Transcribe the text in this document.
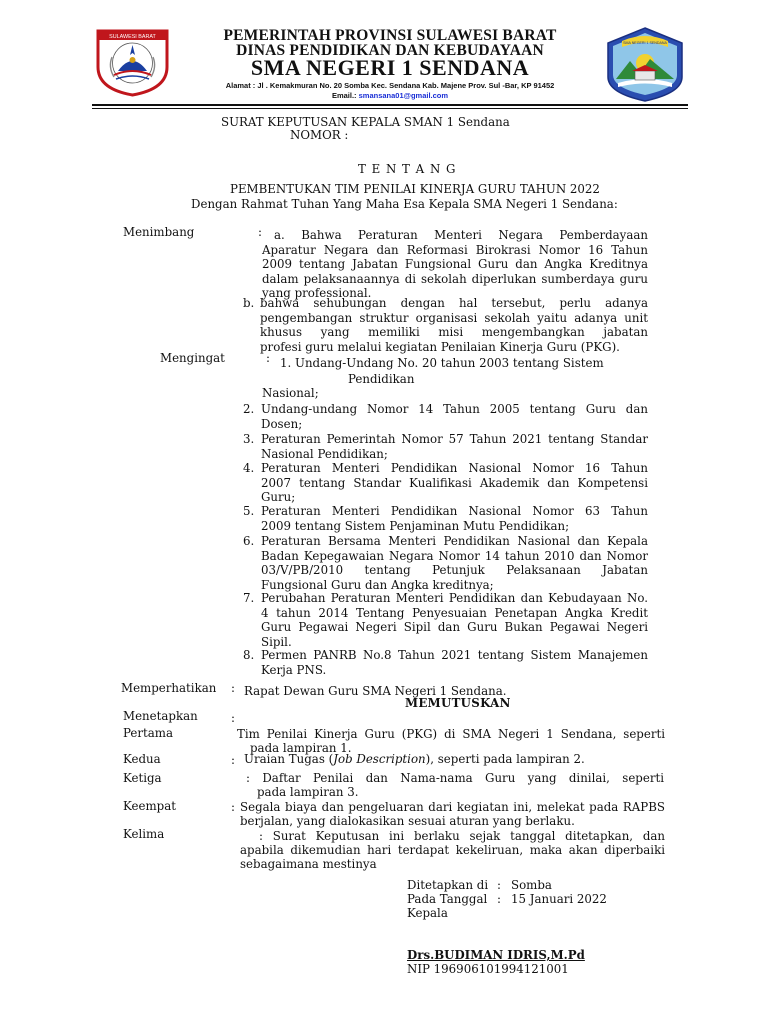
SULAWESI BARAT
SMA NEGERI 1 SENDANA
PEMERINTAH PROVINSI SULAWESI BARAT
DINAS PENDIDIKAN DAN KEBUDAYAAN
SMA NEGERI 1 SENDANA
Alamat : Jl . Kemakmuran No. 20 Somba Kec. Sendana Kab. Majene Prov. Sul -Bar, KP 91452
Email.: smansana01@gmail.com
SURAT KEPUTUSAN KEPALA SMAN 1 Sendana
NOMOR :
T E N T A N G
PEMBENTUKAN TIM PENILAI KINERJA GURU TAHUN 2022
Dengan Rahmat Tuhan Yang Maha Esa Kepala SMA Negeri 1 Sendana:
Menimbang	:	a. Bahwa Peraturan Menteri Negara Pemberdayaan

Aparatur Negara dan Reformasi Birokrasi Nomor 16 Tahun

2009 tentang Jabatan Fungsional Guru dan Angka Kreditnya

dalam pelaksanaannya di sekolah diperlukan sumberdaya guru

yang professional.

b. bahwa sehubungan dengan hal tersebut, perlu adanya

pengembangan struktur organisasi sekolah yaitu adanya unit

khusus yang memiliki misi mengembangkan jabatan

profesi guru melalui kegiatan Penilaian Kinerja Guru (PKG).

Mengingat	: 1. Undang-Undang No. 20 tahun 2003 tentang Sistem
Pendidikan
Nasional;
2. Undang-undang Nomor 14 Tahun 2005 tentang Guru dan

Dosen;

3. Peraturan Pemerintah Nomor 57 Tahun 2021 tentang Standar

Nasional Pendidikan;

4. Peraturan Menteri Pendidikan Nasional Nomor 16 Tahun

2007 tentang Standar Kualifikasi Akademik dan Kompetensi

Guru;

5. Peraturan Menteri Pendidikan Nasional Nomor 63 Tahun

2009 tentang Sistem Penjaminan Mutu Pendidikan;

6. Peraturan Bersama Menteri Pendidikan Nasional dan Kepala

Badan Kepegawaian Negara Nomor 14 tahun 2010 dan Nomor

03/V/PB/2010 tentang Petunjuk Pelaksanaan Jabatan

Fungsional Guru dan Angka kreditnya;

7. Perubahan Peraturan Menteri Pendidikan dan Kebudayaan No.

4 tahun 2014 Tentang Penyesuaian Penetapan Angka Kredit

Guru Pegawai Negeri Sipil dan Guru Bukan Pegawai Negeri

Sipil.

8. Permen PANRB No.8 Tahun 2021 tentang Sistem Manajemen

Kerja PNS.

Memperhatikan : Rapat Dewan Guru SMA Negeri 1 Sendana.
MEMUTUSKAN
Menetapkan	:
Pertama	Tim Penilai Kinerja Guru (PKG) di SMA Negeri 1 Sendana, seperti
pada lampiran 1.
Kedua	: Uraian Tugas (Job Description), seperti pada lampiran 2.
Ketiga	: Daftar Penilai dan Nama-nama Guru yang dinilai, seperti
pada lampiran 3.
Keempat	: Segala biaya dan pengeluaran dari kegiatan ini, melekat pada RAPBS
berjalan, yang dialokasikan sesuai aturan yang berlaku.
Kelima	: Surat Keputusan ini berlaku sejak tanggal ditetapkan, dan
apabila dikemudian hari terdapat kekeliruan, maka akan diperbaiki
sebagaimana mestinya
Ditetapkan di : Somba
Pada Tanggal : 15 Januari 2022
Kepala
Drs.BUDIMAN IDRIS,M.Pd
NIP 196906101994121001
